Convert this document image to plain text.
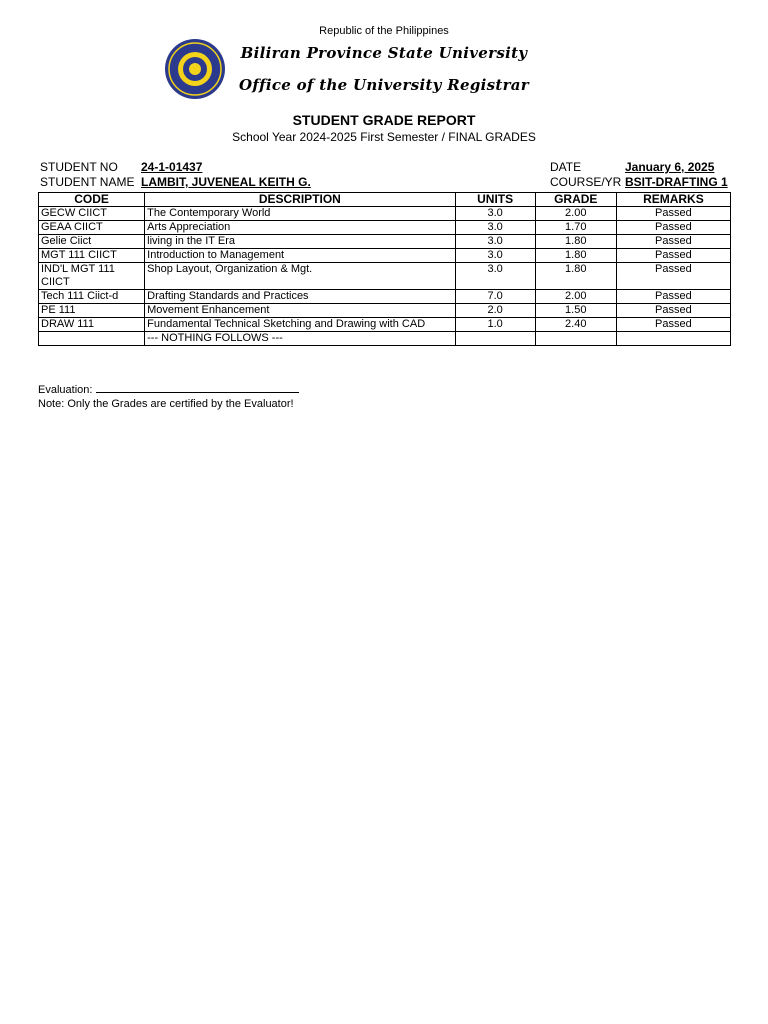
Republic of the Philippines
Biliran Province State University
Office of the University Registrar
STUDENT GRADE REPORT
School Year 2024-2025 First Semester / FINAL GRADES
STUDENT NO 24-1-01437
STUDENT NAME LAMBIT, JUVENEAL KEITH G.
DATE	January 6, 2025
COURSE/YR BSIT-DRAFTING 1
CODE	DESCRIPTION	UNITS	GRADE	REMARKS
GECW CIICT	The Contemporary World	3.0	2.00	Passed
GEAA CIICT	Arts Appreciation	3.0	1.70	Passed
Gelie Ciict	living in the IT Era	3.0	1.80	Passed
MGT 111 CIICT	Introduction to Management	3.0	1.80	Passed
IND'L MGT 111 CIICT	Shop Layout, Organization & Mgt.	3.0	1.80	Passed
Tech 111 Ciict-d	Drafting Standards and Practices	7.0	2.00	Passed
PE 111	Movement Enhancement	2.0	1.50	Passed
DRAW 111	Fundamental Technical Sketching and Drawing with CAD	1.0	2.40	Passed
	--- NOTHING FOLLOWS ---			
Evaluation:
Note: Only the Grades are certified by the Evaluator!
